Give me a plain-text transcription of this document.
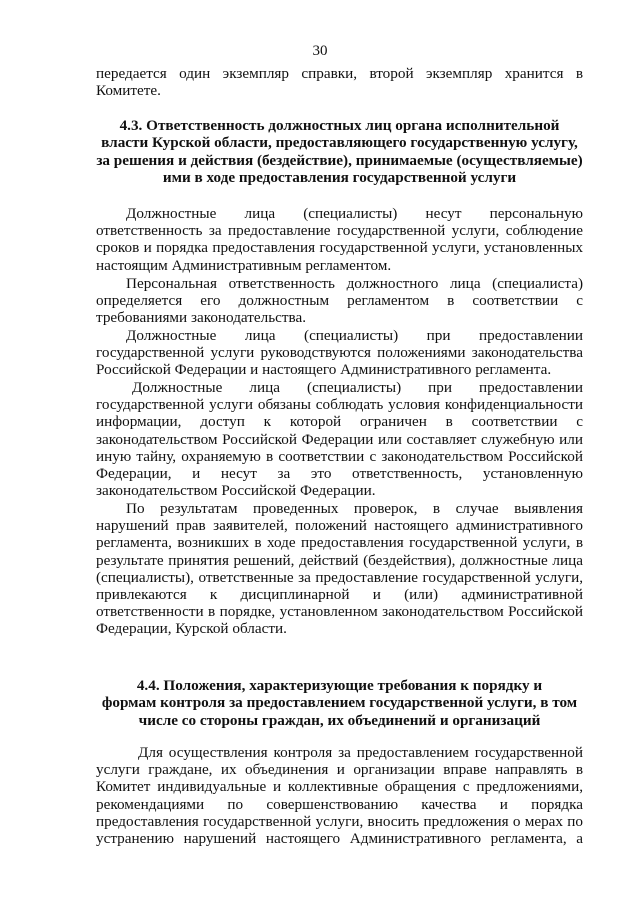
30
передается один экземпляр справки, второй экземпляр хранится в
Комитете.
4.3. Ответственность должностных лиц органа исполнительной
власти Курской области, предоставляющего государственную услугу,
за решения и действия (бездействие), принимаемые (осуществляемые)
ими в ходе предоставления государственной услуги
Должностные лица (специалисты) несут персональную
ответственность за предоставление государственной услуги, соблюдение
сроков и порядка предоставления государственной услуги, установленных
настоящим Административным регламентом.
Персональная ответственность должностного лица (специалиста)
определяется его должностным регламентом в соответствии с
требованиями законодательства.
Должностные лица (специалисты) при предоставлении
государственной услуги руководствуются положениями законодательства
Российской Федерации и настоящего Административного регламента.
Должностные лица (специалисты) при предоставлении
государственной услуги обязаны соблюдать условия конфиденциальности
информации, доступ к которой ограничен в соответствии с
законодательством Российской Федерации или составляет служебную или
иную тайну, охраняемую в соответствии с законодательством Российской
Федерации, и несут за это ответственность, установленную
законодательством Российской Федерации.
По результатам проведенных проверок, в случае выявления
нарушений прав заявителей, положений настоящего административного
регламента, возникших в ходе предоставления государственной услуги, в
результате принятия решений, действий (бездействия), должностные лица
(специалисты), ответственные за предоставление государственной услуги,
привлекаются к дисциплинарной и (или) административной
ответственности в порядке, установленном законодательством Российской
Федерации, Курской области.
4.4. Положения, характеризующие требования к порядку и
формам контроля за предоставлением государственной услуги, в том
числе со стороны граждан, их объединений и организаций
Для осуществления контроля за предоставлением государственной
услуги граждане, их объединения и организации вправе направлять в
Комитет индивидуальные и коллективные обращения с предложениями,
рекомендациями по совершенствованию качества и порядка
предоставления государственной услуги, вносить предложения о мерах по
устранению нарушений настоящего Административного регламента, а
